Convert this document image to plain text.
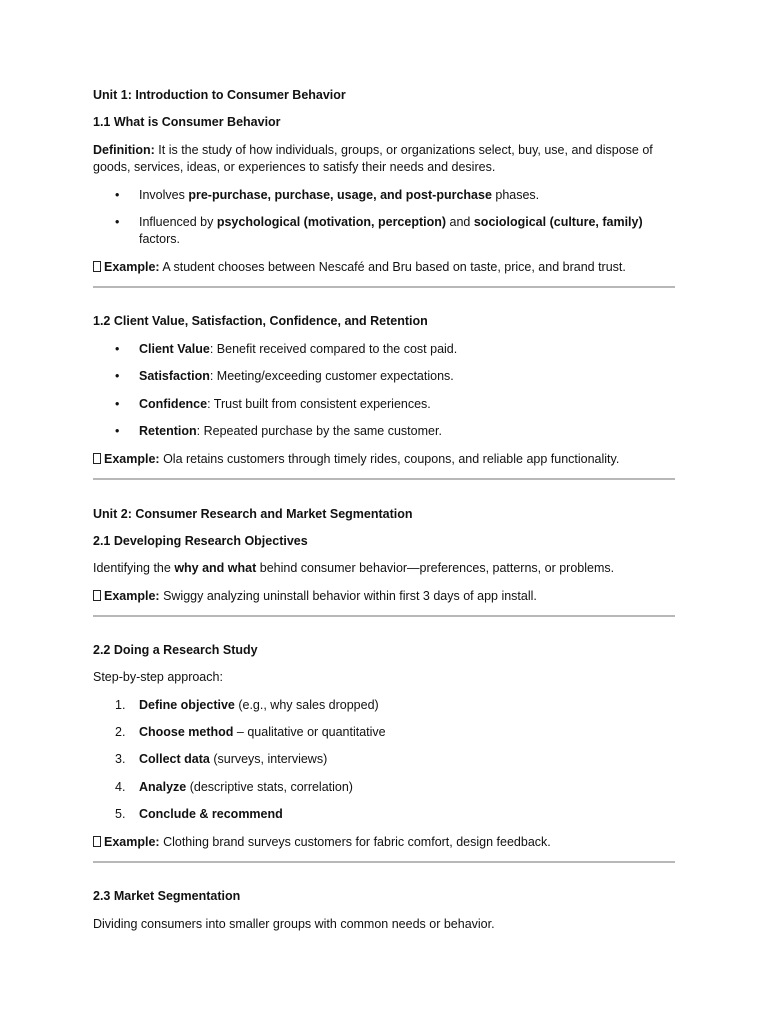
Unit 1: Introduction to Consumer Behavior
1.1 What is Consumer Behavior
Definition: It is the study of how individuals, groups, or organizations select, buy, use, and dispose of goods, services, ideas, or experiences to satisfy their needs and desires.
• Involves pre-purchase, purchase, usage, and post-purchase phases.
• Influenced by psychological (motivation, perception) and sociological (culture, family) factors.
Example: A student chooses between Nescafé and Bru based on taste, price, and brand trust.
1.2 Client Value, Satisfaction, Confidence, and Retention
• Client Value: Benefit received compared to the cost paid.
• Satisfaction: Meeting/exceeding customer expectations.
• Confidence: Trust built from consistent experiences.
• Retention: Repeated purchase by the same customer.
Example: Ola retains customers through timely rides, coupons, and reliable app functionality.
Unit 2: Consumer Research and Market Segmentation
2.1 Developing Research Objectives
Identifying the why and what behind consumer behavior—preferences, patterns, or problems.
Example: Swiggy analyzing uninstall behavior within first 3 days of app install.
2.2 Doing a Research Study
Step-by-step approach:
1. Define objective (e.g., why sales dropped)
2. Choose method – qualitative or quantitative
3. Collect data (surveys, interviews)
4. Analyze (descriptive stats, correlation)
5. Conclude & recommend
Example: Clothing brand surveys customers for fabric comfort, design feedback.
2.3 Market Segmentation
Dividing consumers into smaller groups with common needs or behavior.
